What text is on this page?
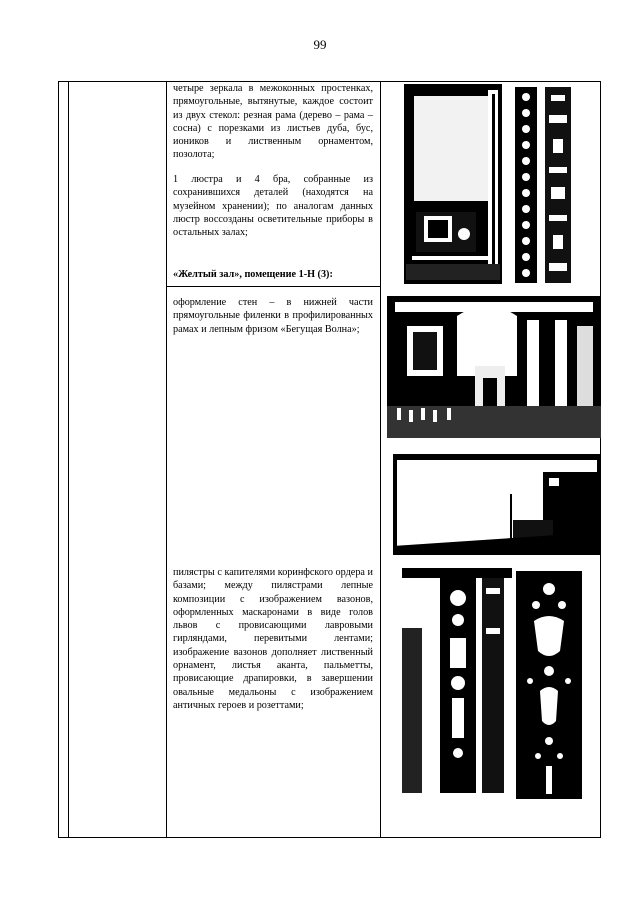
99
четыре зеркала в межоконных простенках, прямоугольные, вытянутые, каждое состоит из двух стекол: резная рама (дерево – рама – сосна) с порезками из листьев дуба, бус, иоников и лиственным орнаментом, позолота;
1 люстра и 4 бра, собранные из сохранившихся деталей (находятся на музейном хранении); по аналогам данных люстр воссозданы осветительные приборы в остальных залах;
«Желтый зал», помещение 1-Н (3):
оформление стен – в нижней части прямоугольные филенки в профилированных рамах и лепным фризом «Бегущая Волна»;
пилястры с капителями коринфского ордера и базами; между пилястрами лепные композиции с изображением вазонов, оформленных маскаронами в виде голов львов с провисающими лавровыми гирляндами, перевитыми лентами; изображение вазонов дополняет лиственный орнамент, листья аканта, пальметты, провисающие драпировки, в завершении овальные медальоны с изображением античных героев и розеттами;
